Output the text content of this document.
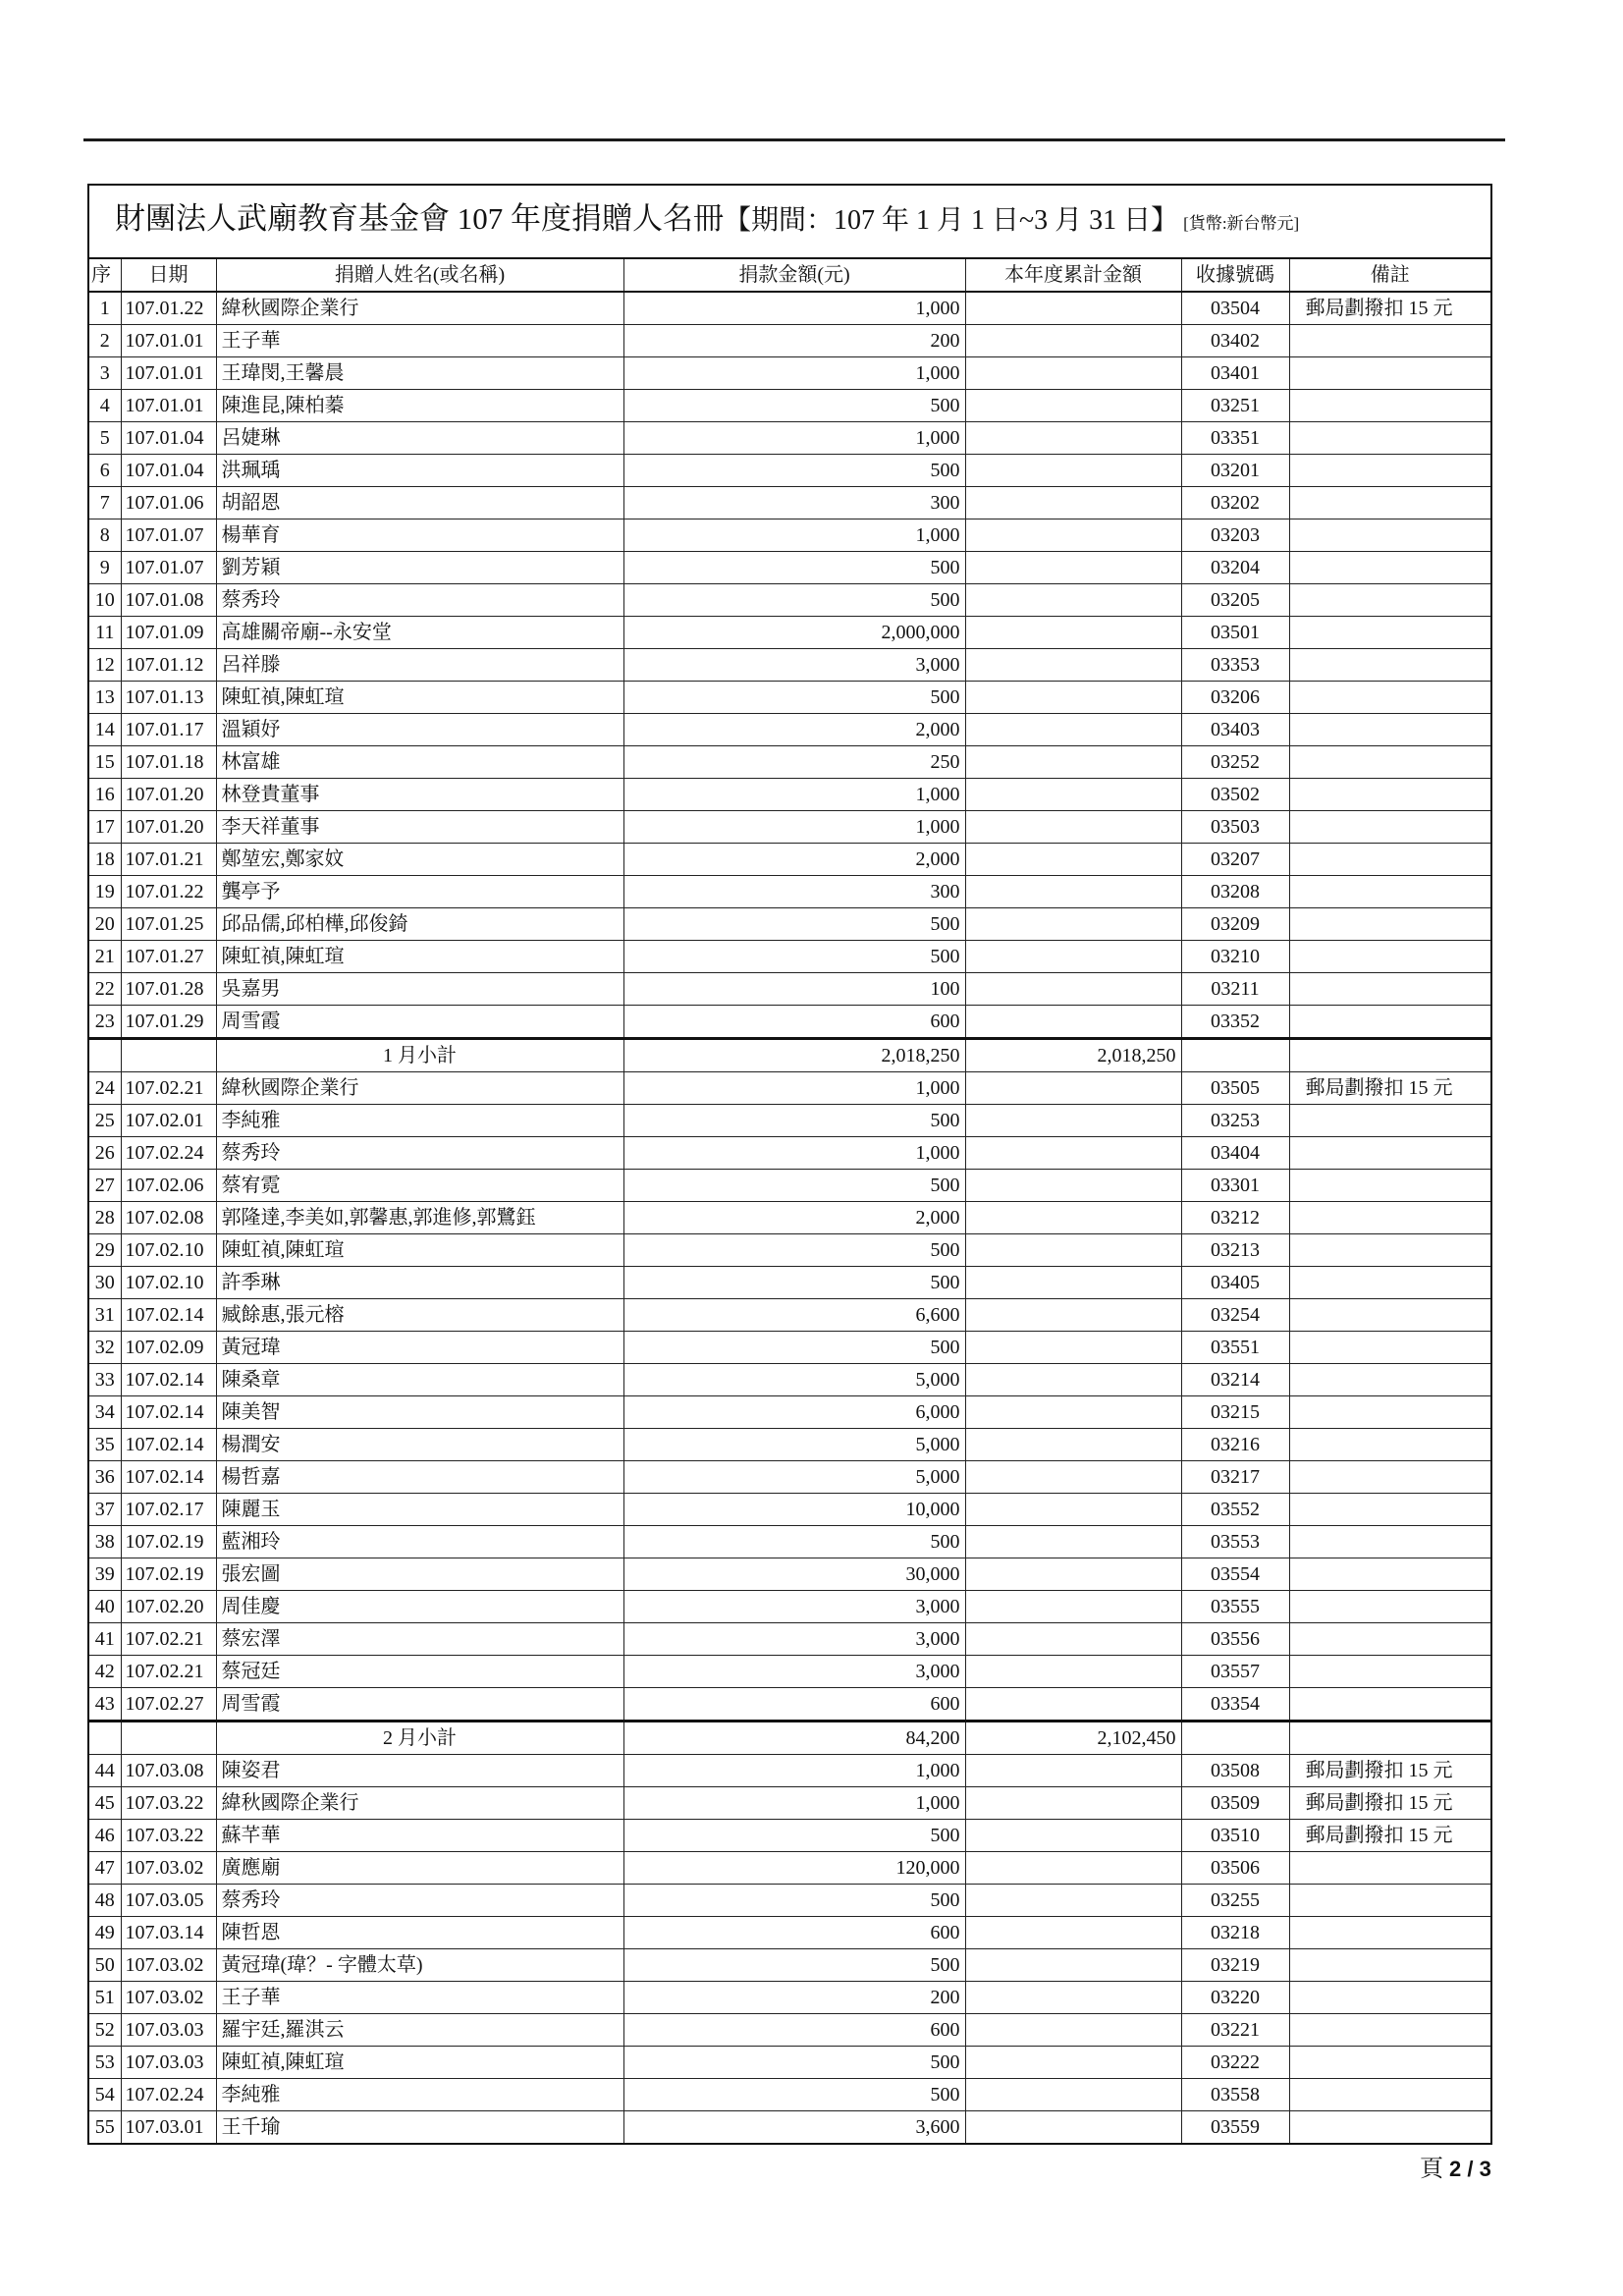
財團法人武廟教育基金會 107 年度捐贈人名冊【期間：107 年 1 月 1 日~3 月 31 日】 [貨幣:新台幣元]						
序	日期	捐贈人姓名(或名稱)	捐款金額(元)	本年度累計金額	收據號碼	備註
1	107.01.22	緯秋國際企業行	1,000		03504	郵局劃撥扣 15 元
2	107.01.01	王子華	200		03402	
3	107.01.01	王瑋閔,王馨晨	1,000		03401	
4	107.01.01	陳進昆,陳柏蓁	500		03251	
5	107.01.04	呂婕琳	1,000		03351	
6	107.01.04	洪珮瑀	500		03201	
7	107.01.06	胡韶恩	300		03202	
8	107.01.07	楊華育	1,000		03203	
9	107.01.07	劉芳穎	500		03204	
10	107.01.08	蔡秀玲	500		03205	
11	107.01.09	高雄關帝廟--永安堂	2,000,000		03501	
12	107.01.12	呂祥滕	3,000		03353	
13	107.01.13	陳虹禎,陳虹瑄	500		03206	
14	107.01.17	溫穎妤	2,000		03403	
15	107.01.18	林富雄	250		03252	
16	107.01.20	林登貴董事	1,000		03502	
17	107.01.20	李天祥董事	1,000		03503	
18	107.01.21	鄭堃宏,鄭家妏	2,000		03207	
19	107.01.22	龔亭予	300		03208	
20	107.01.25	邱品儒,邱柏樺,邱俊錡	500		03209	
21	107.01.27	陳虹禎,陳虹瑄	500		03210	
22	107.01.28	吳嘉男	100		03211	
23	107.01.29	周雪霞	600		03352	
		1 月小計	2,018,250	2,018,250		
24	107.02.21	緯秋國際企業行	1,000		03505	郵局劃撥扣 15 元
25	107.02.01	李純雅	500		03253	
26	107.02.24	蔡秀玲	1,000		03404	
27	107.02.06	蔡宥霓	500		03301	
28	107.02.08	郭隆達,李美如,郭馨惠,郭進修,郭鷺鈺	2,000		03212	
29	107.02.10	陳虹禎,陳虹瑄	500		03213	
30	107.02.10	許季琳	500		03405	
31	107.02.14	臧餘惠,張元榕	6,600		03254	
32	107.02.09	黃冠瑋	500		03551	
33	107.02.14	陳桑章	5,000		03214	
34	107.02.14	陳美智	6,000		03215	
35	107.02.14	楊潤安	5,000		03216	
36	107.02.14	楊哲嘉	5,000		03217	
37	107.02.17	陳麗玉	10,000		03552	
38	107.02.19	藍湘玲	500		03553	
39	107.02.19	張宏圖	30,000		03554	
40	107.02.20	周佳慶	3,000		03555	
41	107.02.21	蔡宏澤	3,000		03556	
42	107.02.21	蔡冠廷	3,000		03557	
43	107.02.27	周雪霞	600		03354	
		2 月小計	84,200	2,102,450		
44	107.03.08	陳姿君	1,000		03508	郵局劃撥扣 15 元
45	107.03.22	緯秋國際企業行	1,000		03509	郵局劃撥扣 15 元
46	107.03.22	蘇芊華	500		03510	郵局劃撥扣 15 元
47	107.03.02	廣應廟	120,000		03506	
48	107.03.05	蔡秀玲	500		03255	
49	107.03.14	陳哲恩	600		03218	
50	107.03.02	黃冠瑋(瑋？- 字體太草)	500		03219	
51	107.03.02	王子華	200		03220	
52	107.03.03	羅宇廷,羅淇云	600		03221	
53	107.03.03	陳虹禎,陳虹瑄	500		03222	
54	107.02.24	李純雅	500		03558	
55	107.03.01	王千瑜	3,600		03559	
頁 2 / 3
